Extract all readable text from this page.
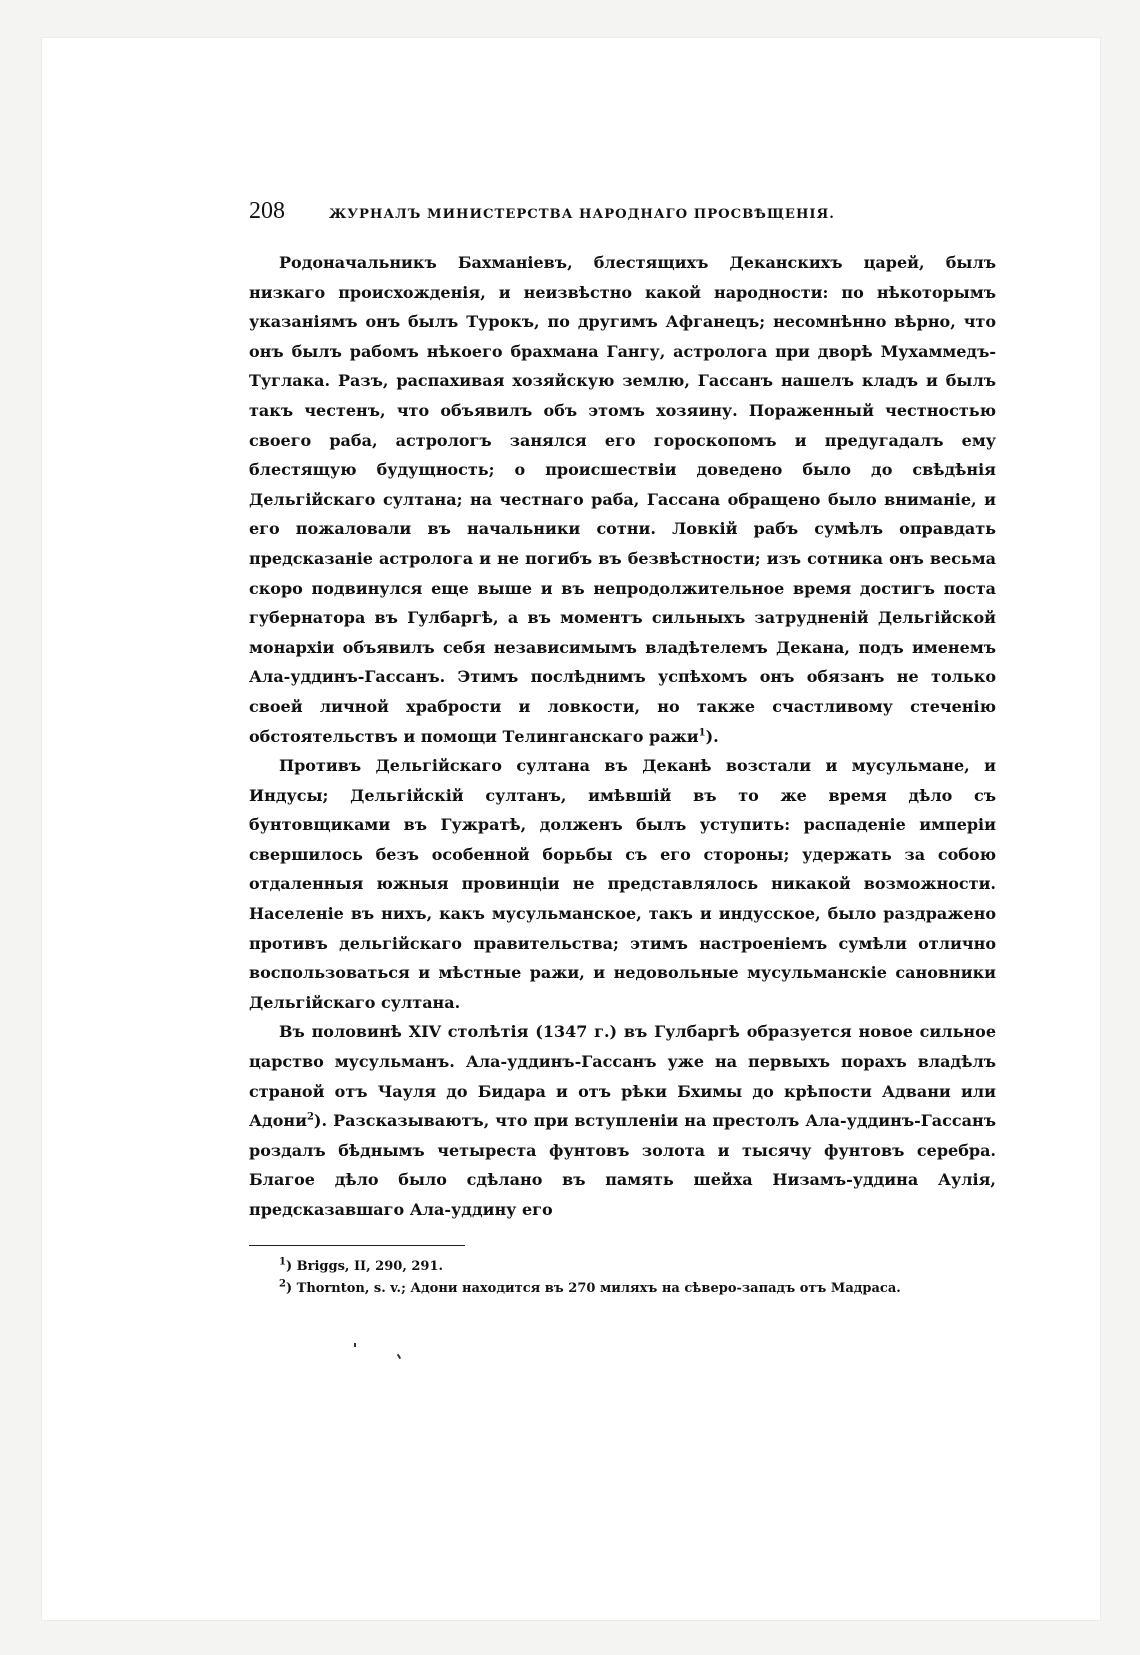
208	ЖУРНАЛЪ МИНИСТЕРСТВА НАРОДНАГО ПРОСВѢЩЕНІЯ.

Родоначальникъ Бахманіевъ, блестящихъ Деканскихъ царей, былъ низкаго происхожденія, и неизвѣстно какой народности: по нѣкоторымъ указаніямъ онъ былъ Турокъ, по другимъ Афганецъ; несомнѣнно вѣрно, что онъ былъ рабомъ нѣкоего брахмана Гангу, астролога при дворѣ Мухаммедъ-Туглака. Разъ, распахивая хозяйскую землю, Гассанъ нашелъ кладъ и былъ такъ честенъ, что объявилъ объ этомъ хозяину. Пораженный честностью своего раба, астрологъ занялся его гороскопомъ и предугадалъ ему блестящую будущность; о происшествіи доведено было до свѣдѣнія Дельгійскаго султана; на честнаго раба, Гассана обращено было вниманіе, и его пожаловали въ начальники сотни. Ловкій рабъ сумѣлъ оправдать предсказаніе астролога и не погибъ въ безвѣстности; изъ сотника онъ весьма скоро подвинулся еще выше и въ непродолжительное время достигъ поста губернатора въ Гулбаргѣ, а въ моментъ сильныхъ затрудненій Дельгійской монархіи объявилъ себя независимымъ владѣтелемъ Декана, подъ именемъ Ала-уддинъ-Гассанъ. Этимъ послѣднимъ успѣхомъ онъ обязанъ не только своей личной храбрости и ловкости, но также счастливому стеченію обстоятельствъ и помощи Телинганскаго ражи$^1$).

Противъ Дельгійскаго султана въ Деканѣ возстали и мусульмане, и Индусы; Дельгійскій султанъ, имѣвшій въ то же время дѣло съ бунтовщиками въ Гужратѣ, долженъ былъ уступить: распаденіе имперіи свершилось безъ особенной борьбы съ его стороны; удержать за собою отдаленныя южныя провинціи не представлялось никакой возможности. Населеніе въ нихъ, какъ мусульманское, такъ и индусское, было раздражено противъ дельгійскаго правительства; этимъ настроеніемъ сумѣли отлично воспользоваться и мѣстные ражи, и недовольные мусульманскіе сановники Дельгійскаго султана.

Въ половинѣ XIV столѣтія (1347 г.) въ Гулбаргѣ образуется новое сильное царство мусульманъ. Ала-уддинъ-Гассанъ уже на первыхъ порахъ владѣлъ страной отъ Чауля до Бидара и отъ рѣки Бхимы до крѣпости Адвани или Адони$^2$). Разсказываютъ, что при вступленіи на престолъ Ала-уддинъ-Гассанъ роздалъ бѣднымъ четыреста фунтовъ золота и тысячу фунтовъ серебра. Благое дѣло было сдѣлано въ память шейха Низамъ-уддина Аулія, предсказавшаго Ала-уддину его

$^1$) Briggs, II, 290, 291.

$^2$) Thornton, s. v.; Адони находится въ 270 миляхъ на сѣверо-западъ отъ Мадраса.
